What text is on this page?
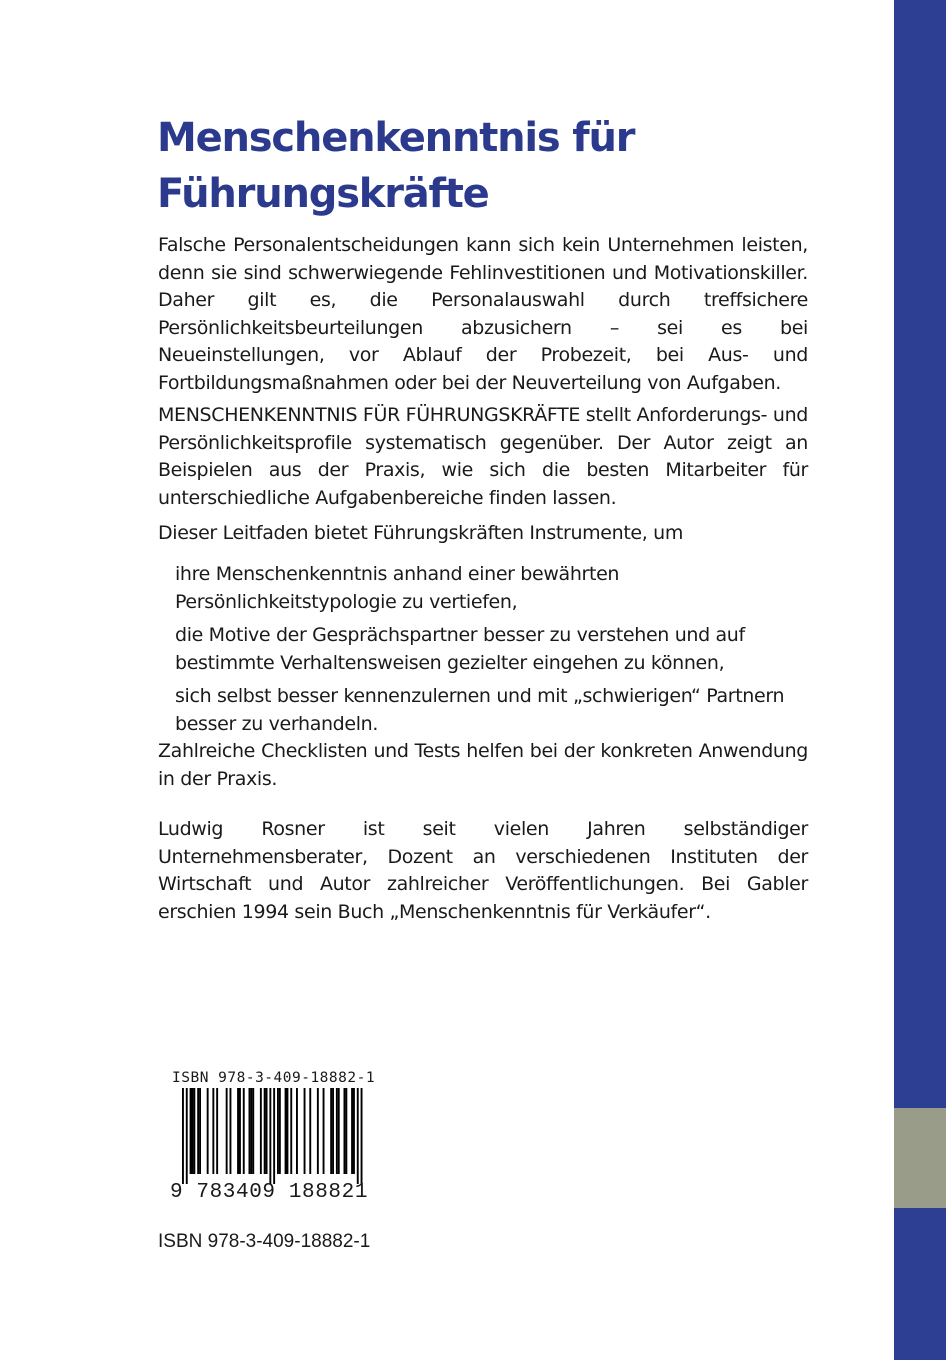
Menschenkenntnis für Führungskräfte

Falsche Personalentscheidungen kann sich kein Unternehmen leisten, denn sie sind schwerwiegende Fehlinvestitionen und Motivationskiller. Daher gilt es, die Personalauswahl durch treffsichere Persönlichkeitsbeurteilungen abzusichern – sei es bei Neueinstellungen, vor Ablauf der Probezeit, bei Aus- und Fortbildungsmaßnahmen oder bei der Neuverteilung von Aufgaben.

MENSCHENKENNTNIS FÜR FÜHRUNGSKRÄFTE stellt Anforderungs- und Persönlichkeitsprofile systematisch gegenüber. Der Autor zeigt an Beispielen aus der Praxis, wie sich die besten Mitarbeiter für unterschiedliche Aufgabenbereiche finden lassen.

Dieser Leitfaden bietet Führungskräften Instrumente, um

ihre Menschenkenntnis anhand einer bewährten Persönlichkeitstypologie zu vertiefen,
die Motive der Gesprächspartner besser zu verstehen und auf bestimmte Verhaltensweisen gezielter eingehen zu können,
sich selbst besser kennenzulernen und mit „schwierigen“ Partnern besser zu verhandeln.

Zahlreiche Checklisten und Tests helfen bei der konkreten Anwendung in der Praxis.

Ludwig Rosner ist seit vielen Jahren selbständiger Unternehmensberater, Dozent an verschiedenen Instituten der Wirtschaft und Autor zahlreicher Veröffentlichungen. Bei Gabler erschien 1994 sein Buch „Menschenkenntnis für Verkäufer“.

ISBN 978-3-409-18882-1
9 783409 188821
ISBN 978-3-409-18882-1
